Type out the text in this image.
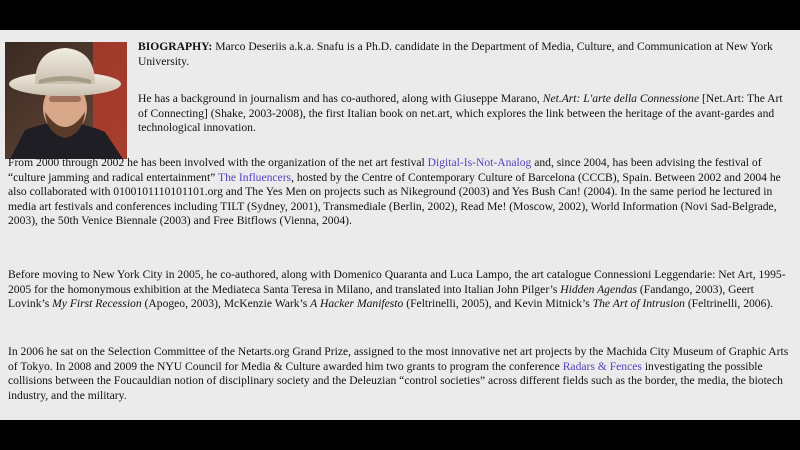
BIOGRAPHY: Marco Deseriis a.k.a. Snafu is a Ph.D. candidate in the Department of Media, Culture, and Communication at New York University.

He has a background in journalism and has co-authored, along with Giuseppe Marano, Net.Art: L'arte della Connessione [Net.Art: The Art of Connecting] (Shake, 2003-2008), the first Italian book on net.art, which explores the link between the heritage of the avant-gardes and technological innovation.

From 2000 through 2002 he has been involved with the organization of the net art festival Digital-Is-Not-Analog and, since 2004, has been advising the festival of “culture jamming and radical entertainment” The Influencers, hosted by the Centre of Contemporary Culture of Barcelona (CCCB), Spain. Between 2002 and 2004 he also collaborated with 0100101110101101.org and The Yes Men on projects such as Nikeground (2003) and Yes Bush Can! (2004). In the same period he lectured in media art festivals and conferences including TILT (Sydney, 2001), Transmediale (Berlin, 2002), Read Me! (Moscow, 2002), World Information (Novi Sad-Belgrade, 2003), the 50th Venice Biennale (2003) and Free Bitflows (Vienna, 2004).

Before moving to New York City in 2005, he co-authored, along with Domenico Quaranta and Luca Lampo, the art catalogue Connessioni Leggendarie: Net Art, 1995-2005 for the homonymous exhibition at the Mediateca Santa Teresa in Milano, and translated into Italian John Pilger’s Hidden Agendas (Fandango, 2003), Geert Lovink’s My First Recession (Apogeo, 2003), McKenzie Wark’s A Hacker Manifesto (Feltrinelli, 2005), and Kevin Mitnick’s The Art of Intrusion (Feltrinelli, 2006).

In 2006 he sat on the Selection Committee of the Netarts.org Grand Prize, assigned to the most innovative net art projects by the Machida City Museum of Graphic Arts of Tokyo. In 2008 and 2009 the NYU Council for Media & Culture awarded him two grants to program the conference Radars & Fences investigating the possible collisions between the Foucauldian notion of disciplinary society and the Deleuzian “control societies” across different fields such as the border, the media, the biotech industry, and the military.
